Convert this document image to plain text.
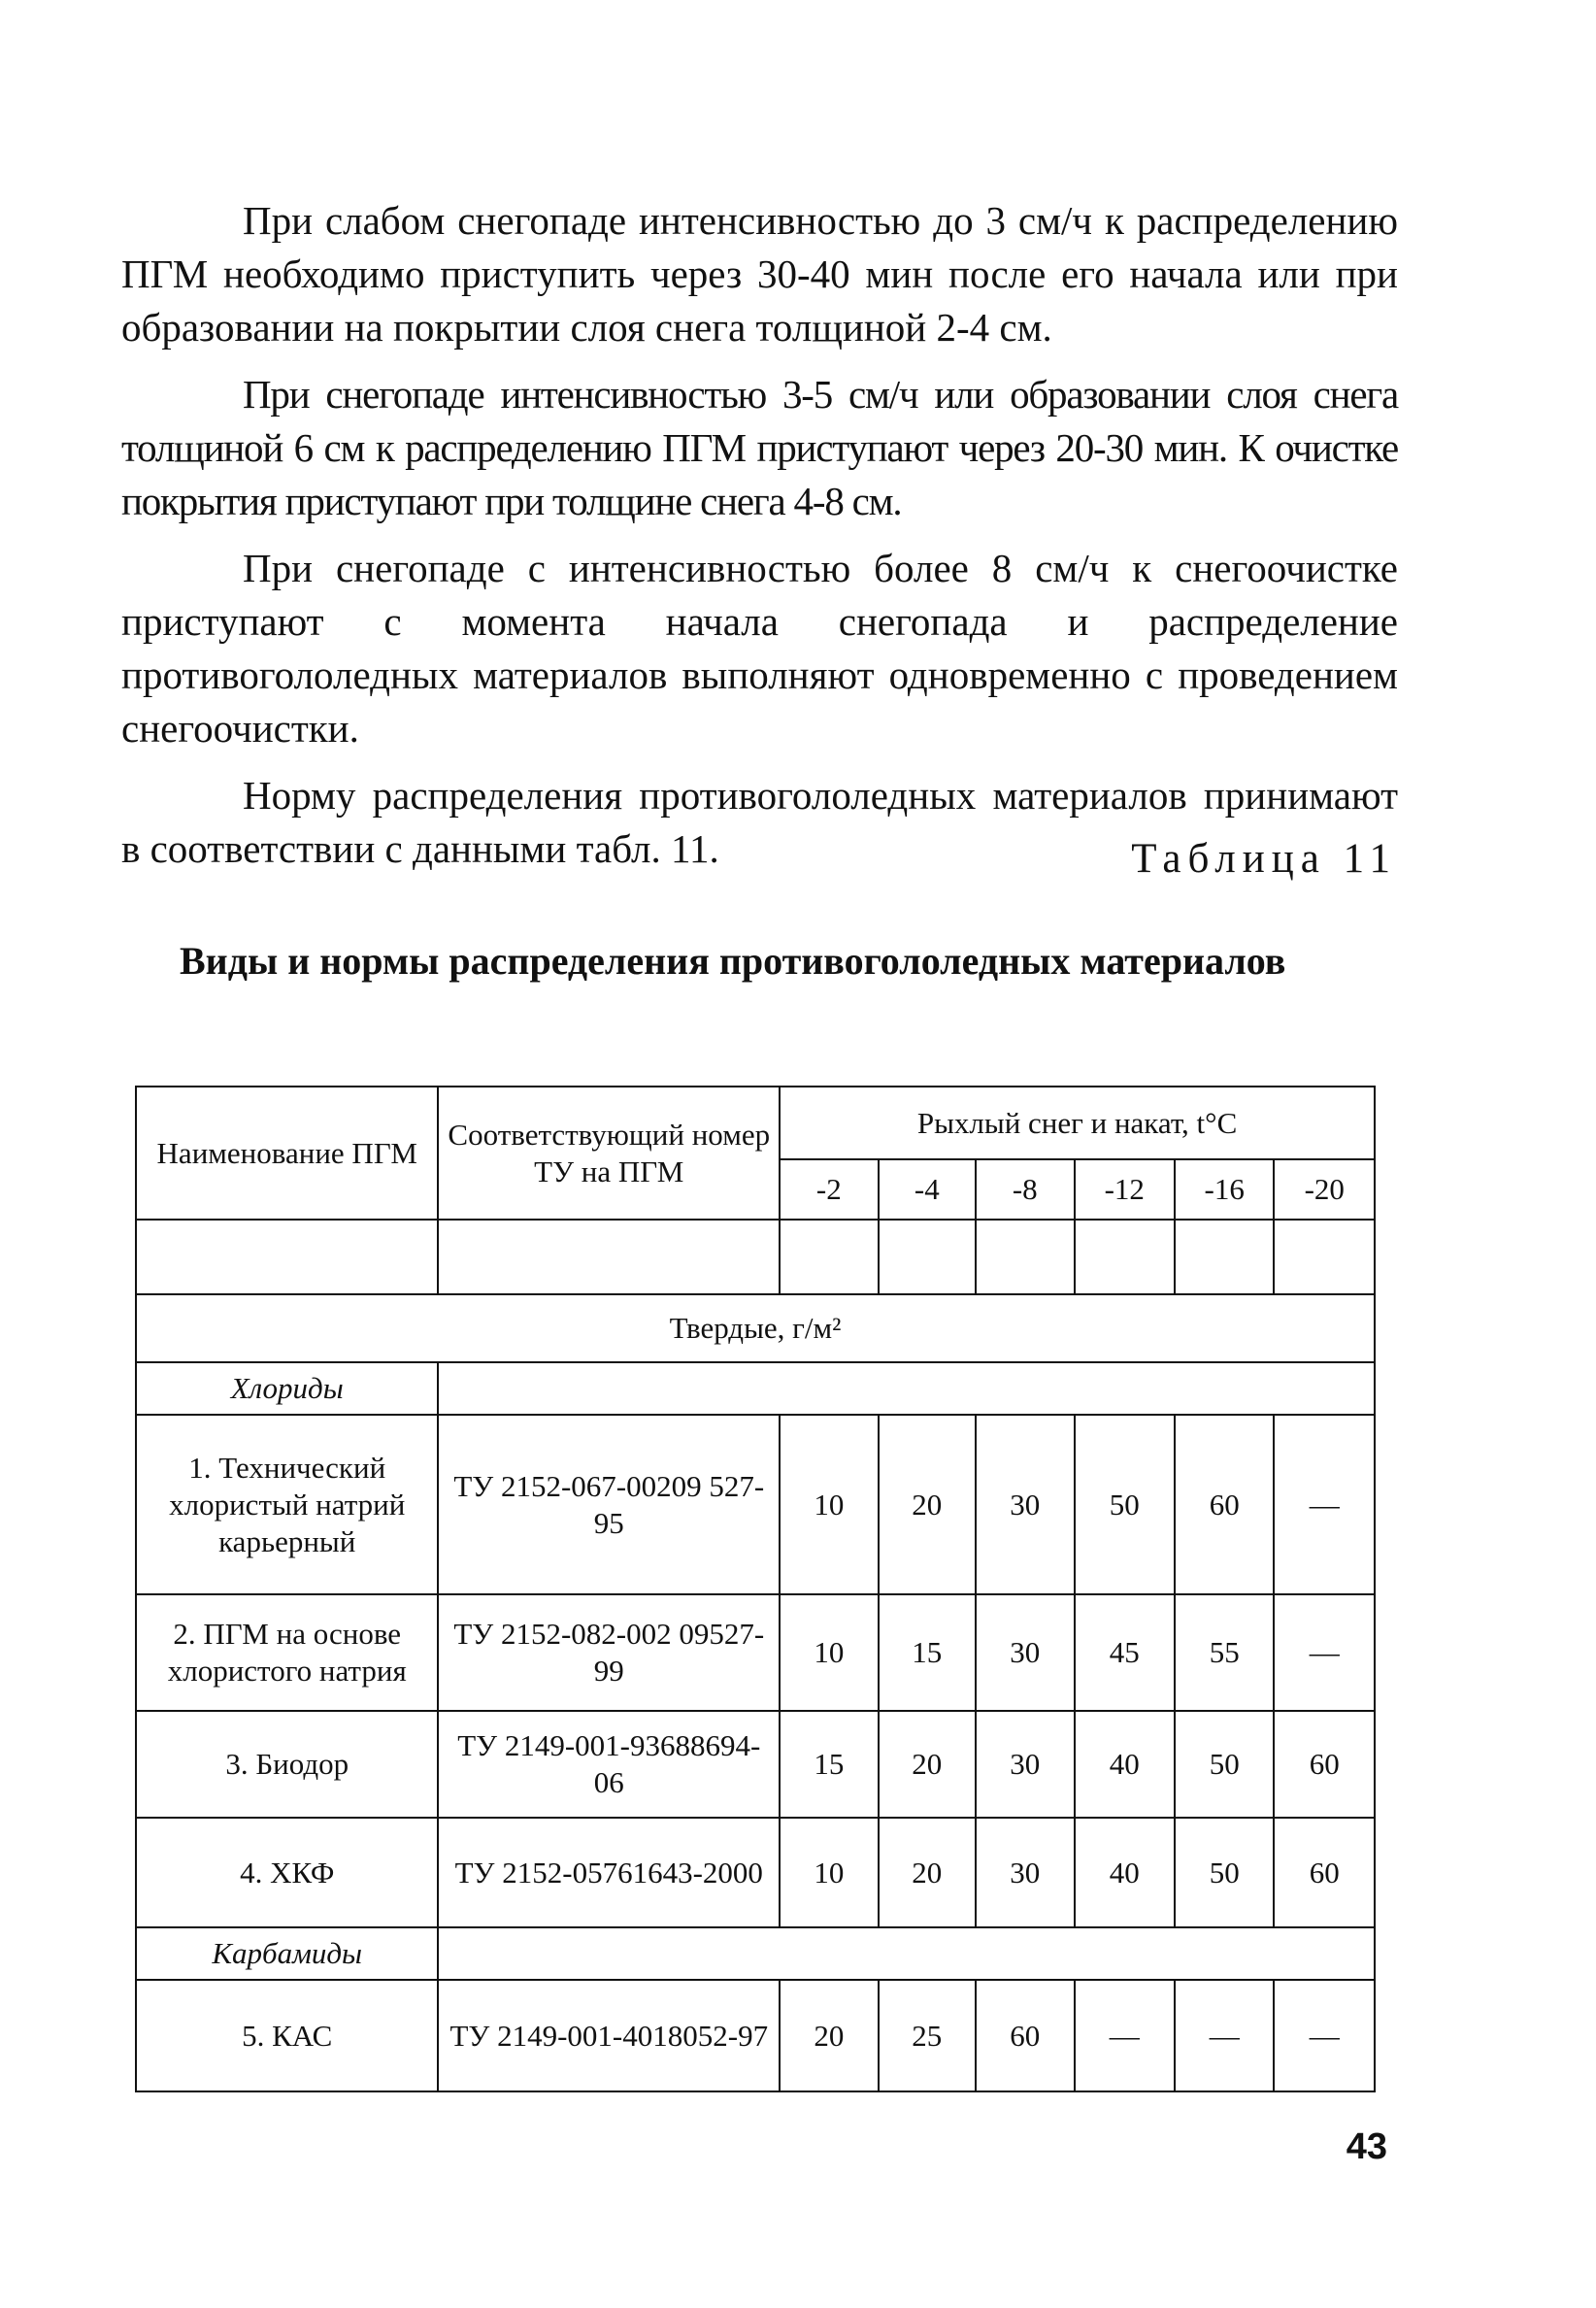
При слабом снегопаде интенсивностью до 3 см/ч к распределению ПГМ необходимо приступить через 30-40 мин после его начала или при образовании на покрытии слоя снега толщиной 2-4 см.

При снегопаде интенсивностью 3-5 см/ч или образовании слоя снега толщиной 6 см к распределению ПГМ приступают через 20-30 мин. К очистке покрытия приступают при толщине снега 4-8 см.

При снегопаде с интенсивностью более 8 см/ч к снегоочистке приступают с момента начала снегопада и распределение противогололедных материалов выполняют одновременно с проведением снегоочистки.

Норму распределения противогололедных материалов принимают в соответствии с данными табл. 11.	Таблица 11
Виды и нормы распределения противогололедных материалов
Наименование ПГМ	Соответствующий номер ТУ на ПГМ	Рыхлый снег и накат, t°С					
		-2	-4	-8	-12	-16	-20

Твердые, г/м²							
Хлориды							
1. Технический хлористый натрий карьерный	ТУ 2152-067-00209 527-95	10	20	30	50	60	—
2. ПГМ на основе хлористого натрия	ТУ 2152-082-002 09527-99	10	15	30	45	55	—
3. Биодор	ТУ 2149-001-93688694-06	15	20	30	40	50	60
4. ХКФ	ТУ 2152-05761643-2000	10	20	30	40	50	60
Карбамиды							
5. КАС	ТУ 2149-001-4018052-97	20	25	60	—	—	—
43
